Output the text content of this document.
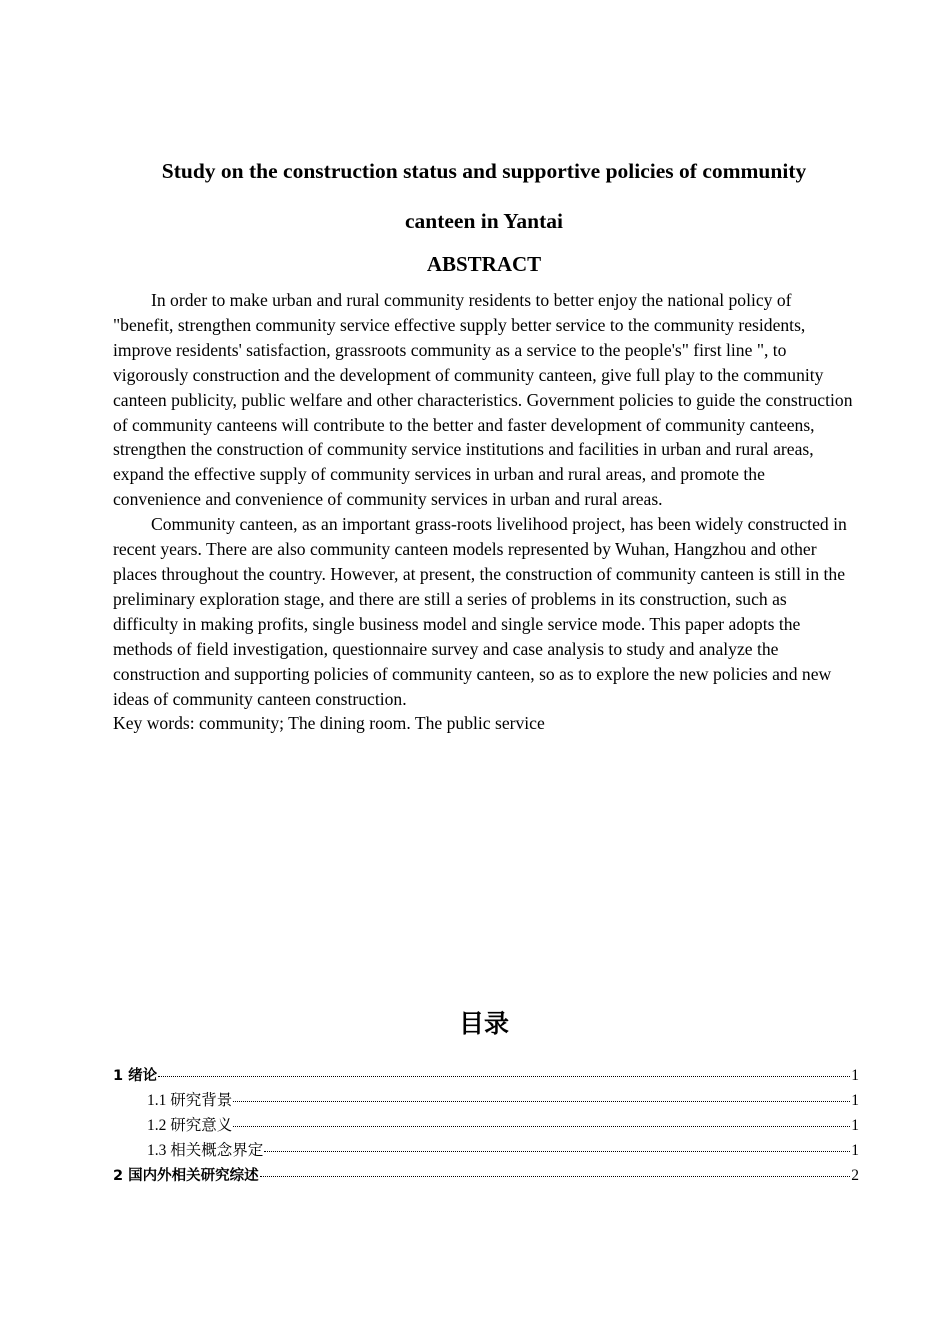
Study on the construction status and supportive policies of community
canteen in Yantai
ABSTRACT

In order to make urban and rural community residents to better enjoy the national policy of "benefit, strengthen community service effective supply better service to the community residents, improve residents' satisfaction, grassroots community as a service to the people's" first line ", to vigorously construction and the development of community canteen, give full play to the community canteen publicity, public welfare and other characteristics. Government policies to guide the construction of community canteens will contribute to the better and faster development of community canteens, strengthen the construction of community service institutions and facilities in urban and rural areas, expand the effective supply of community services in urban and rural areas, and promote the convenience and convenience of community services in urban and rural areas.

Community canteen, as an important grass-roots livelihood project, has been widely constructed in recent years. There are also community canteen models represented by Wuhan, Hangzhou and other places throughout the country. However, at present, the construction of community canteen is still in the preliminary exploration stage, and there are still a series of problems in its construction, such as difficulty in making profits, single business model and single service mode. This paper adopts the methods of field investigation, questionnaire survey and case analysis to study and analyze the construction and supporting policies of community canteen, so as to explore the new policies and new ideas of community canteen construction.

Key words: community; The dining room. The public service

目录
1 绪论	1
1.1 研究背景	1
1.2 研究意义	1
1.3 相关概念界定	1
2 国内外相关研究综述	2
